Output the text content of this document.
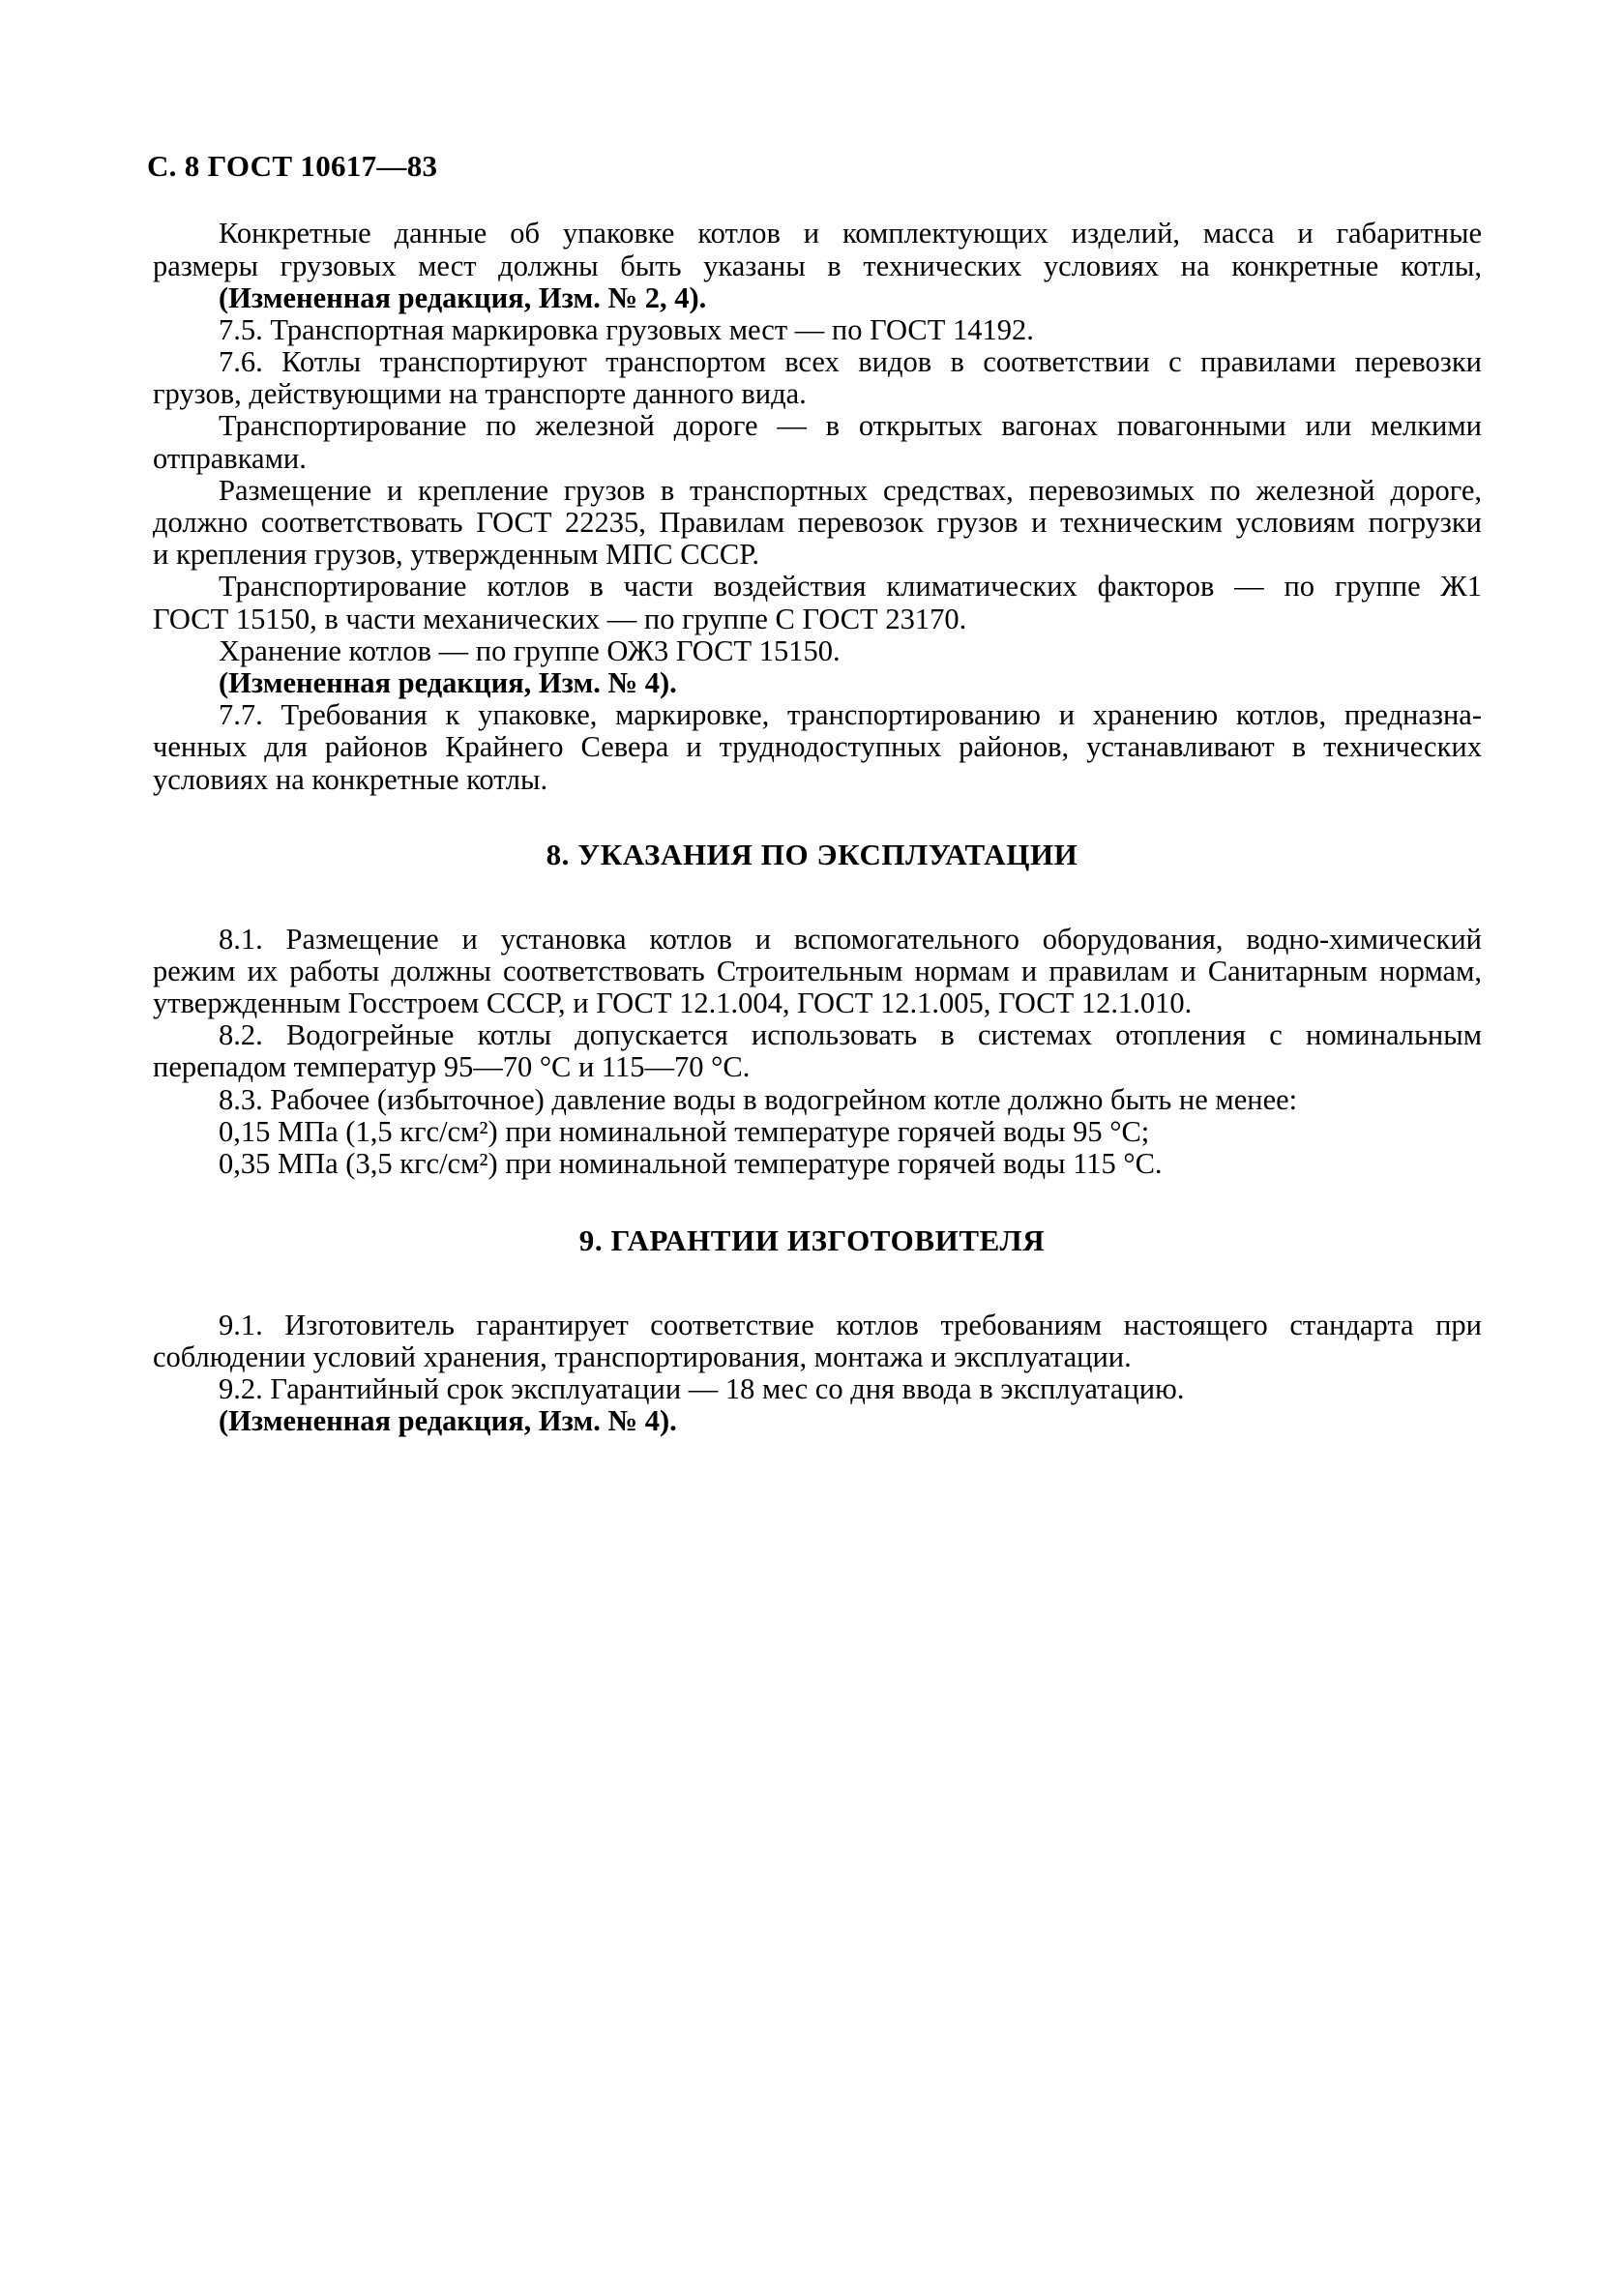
С. 8 ГОСТ 10617—83
Конкретные данные об упаковке котлов и комплектующих изделий, масса и габаритные
размеры грузовых мест должны быть указаны в технических условиях на конкретные котлы,
(Измененная редакция, Изм. № 2, 4).
7.5. Транспортная маркировка грузовых мест — по ГОСТ 14192.
7.6. Котлы транспортируют транспортом всех видов в соответствии с правилами перевозки
грузов, действующими на транспорте данного вида.
Транспортирование по железной дороге — в открытых вагонах повагонными или мелкими
отправками.
Размещение и крепление грузов в транспортных средствах, перевозимых по железной дороге,
должно соответствовать ГОСТ 22235, Правилам перевозок грузов и техническим условиям погрузки
и крепления грузов, утвержденным МПС СССР.
Транспортирование котлов в части воздействия климатических факторов — по группе Ж1
ГОСТ 15150, в части механических — по группе С ГОСТ 23170.
Хранение котлов — по группе ОЖ3 ГОСТ 15150.
(Измененная редакция, Изм. № 4).
7.7. Требования к упаковке, маркировке, транспортированию и хранению котлов, предназна-
ченных для районов Крайнего Севера и труднодоступных районов, устанавливают в технических
условиях на конкретные котлы.
8. УКАЗАНИЯ ПО ЭКСПЛУАТАЦИИ
8.1. Размещение и установка котлов и вспомогательного оборудования, водно-химический
режим их работы должны соответствовать Строительным нормам и правилам и Санитарным нормам,
утвержденным Госстроем СССР, и ГОСТ 12.1.004, ГОСТ 12.1.005, ГОСТ 12.1.010.
8.2. Водогрейные котлы допускается использовать в системах отопления с номинальным
перепадом температур 95—70 °С и 115—70 °С.
8.3. Рабочее (избыточное) давление воды в водогрейном котле должно быть не менее:
0,15 МПа (1,5 кгс/см²) при номинальной температуре горячей воды 95 °С;
0,35 МПа (3,5 кгс/см²) при номинальной температуре горячей воды 115 °С.
9. ГАРАНТИИ ИЗГОТОВИТЕЛЯ
9.1. Изготовитель гарантирует соответствие котлов требованиям настоящего стандарта при
соблюдении условий хранения, транспортирования, монтажа и эксплуатации.
9.2. Гарантийный срок эксплуатации — 18 мес со дня ввода в эксплуатацию.
(Измененная редакция, Изм. № 4).
